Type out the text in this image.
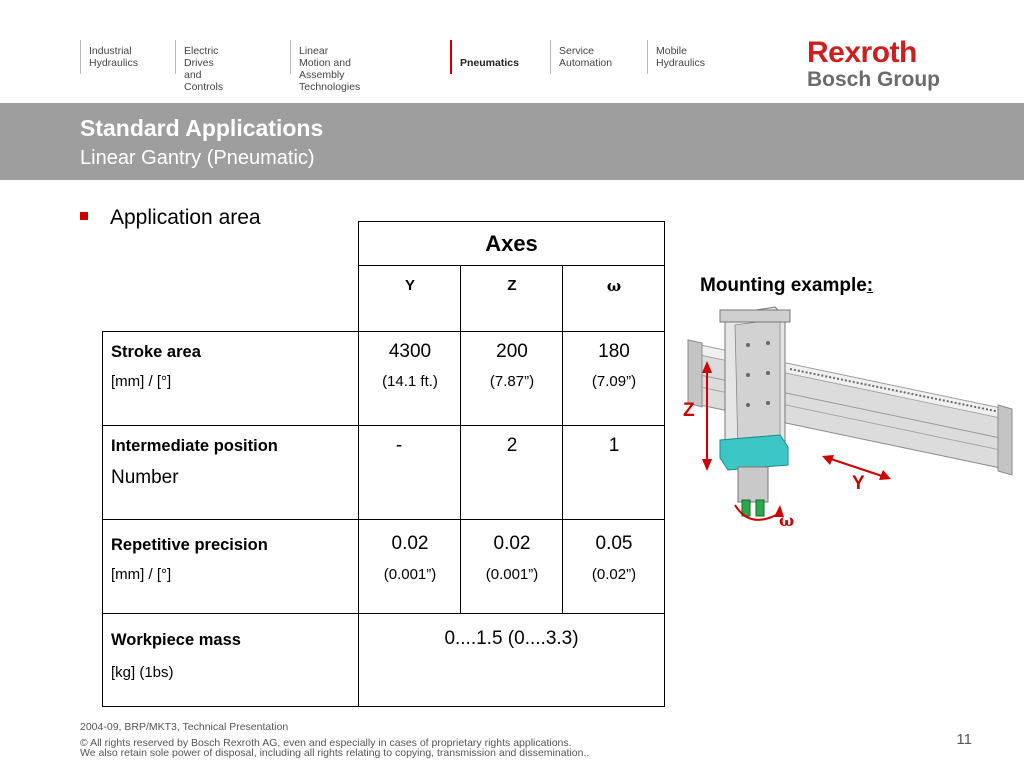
Industrial
Hydraulics
Electric Drives
and Controls
Linear Motion and
Assembly Technologies
Pneumatics
Service
Automation
Mobile
Hydraulics	Rexroth
Bosch Group
Standard Applications
Linear Gantry (Pneumatic)
Application area
Axes
Y	Z	ω
Stroke area
[mm] / [°]
4300	200	180
(14.1 ft.)	(7.87”)	(7.09”)
Intermediate position
Number
-	2	1
Repetitive precision
[mm] / [°]
0.02	0.02	0.05
(0.001”)	(0.001”)	(0.02”)
Workpiece mass
[kg] (1bs)
0....1.5 (0....3.3)
Mounting example:
Z
Y
ω
2004-09, BRP/MKT3, Technical Presentation
© All rights reserved by Bosch Rexroth AG, even and especially in cases of proprietary rights applications.
We also retain sole power of disposal, including all rights relating to copying, transmission and dissemination..
11
